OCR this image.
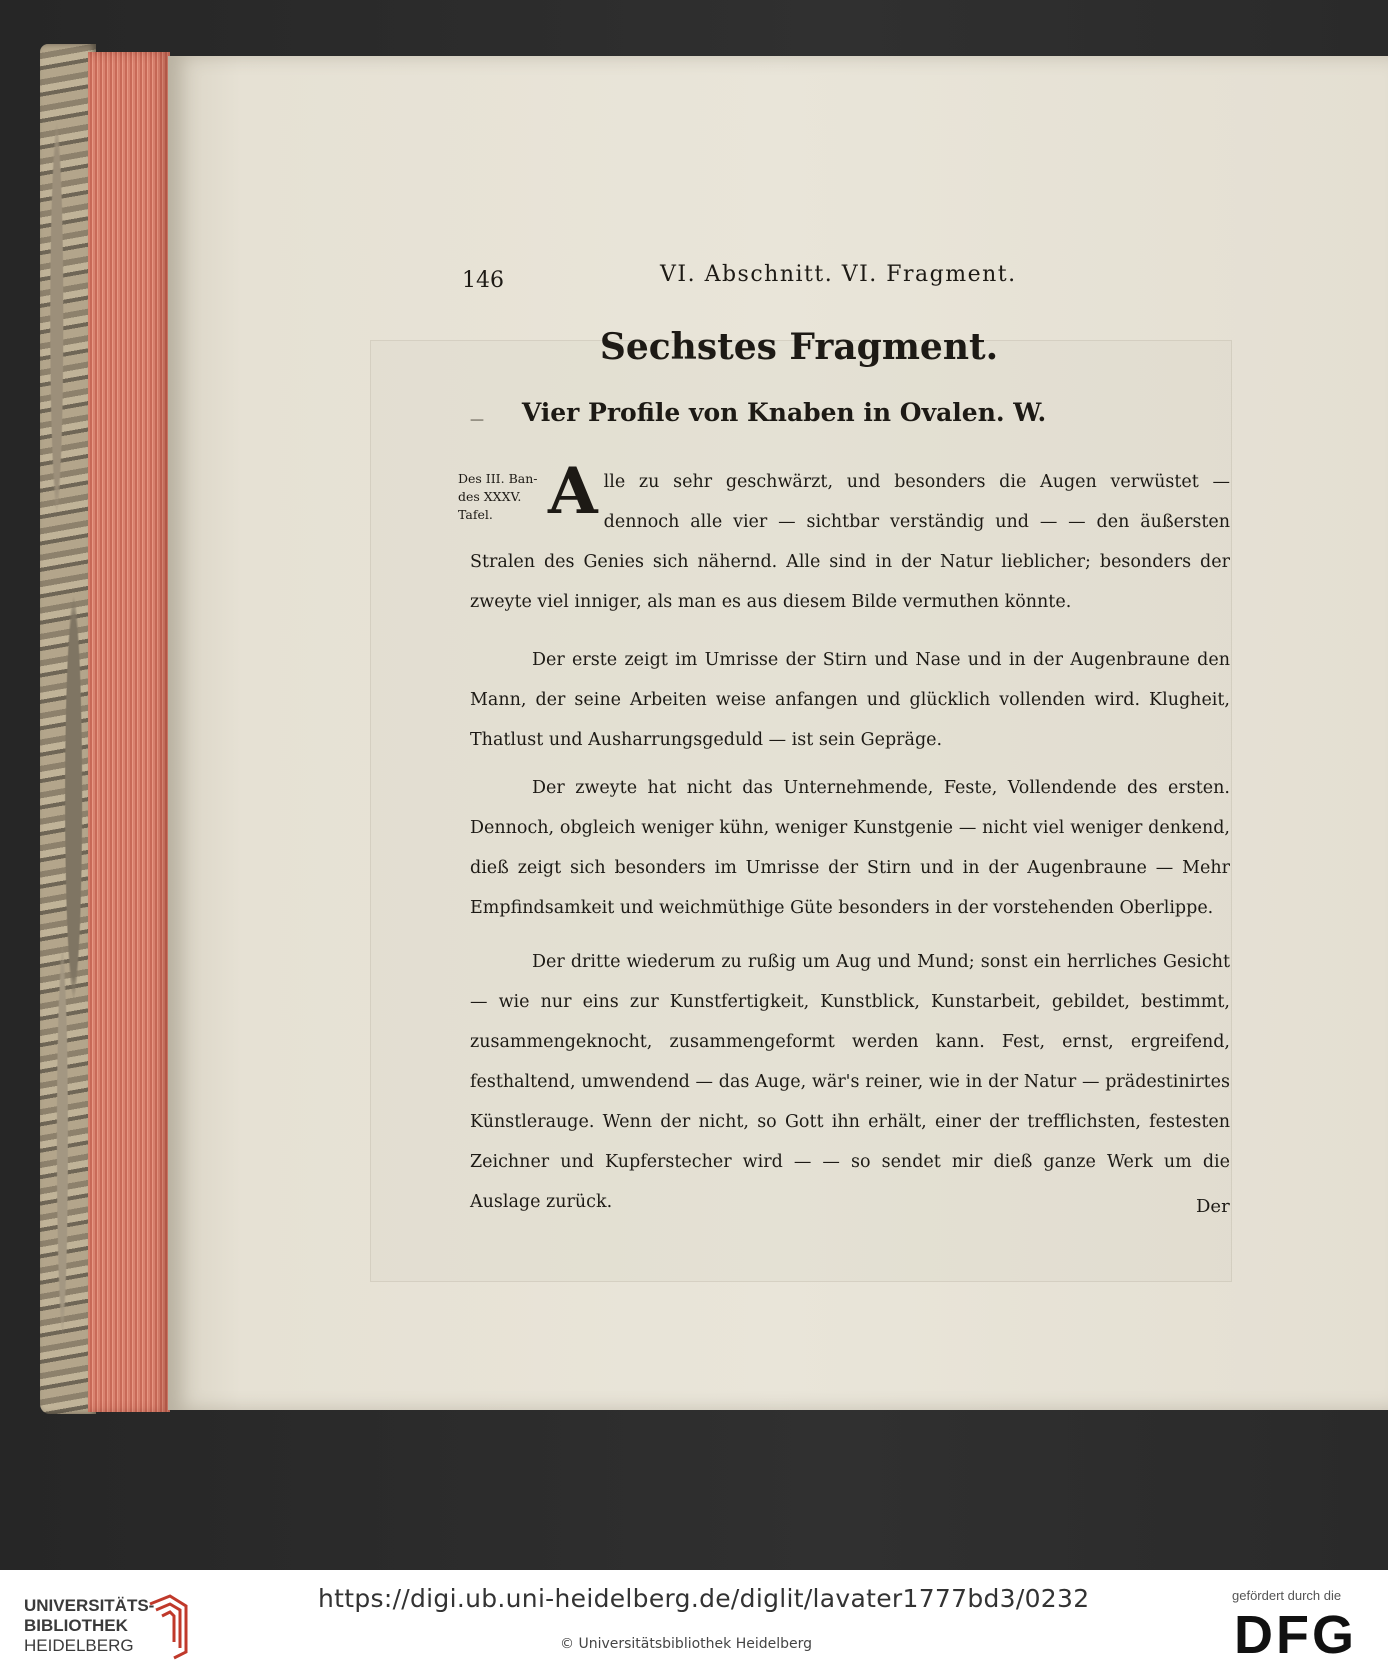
146	VI. Abschnitt. VI. Fragment.
Sechstes Fragment.
—	Vier Profile von Knaben in Ovalen. W.
Des III. Ban-
des XXXV.
Tafel. Alle zu sehr geschwärzt, und besonders die Augen verwüstet — dennoch alle vier — sichtbar verständig und — — den äußersten Stralen des Genies sich nähernd. Alle sind in der Natur lieblicher; besonders der zweyte viel inniger, als man es aus diesem Bilde vermuthen könnte.
Der erste zeigt im Umrisse der Stirn und Nase und in der Augenbraune den Mann, der seine Arbeiten weise anfangen und glücklich vollenden wird. Klugheit, Thatlust und Ausharrungsgeduld — ist sein Gepräge.
Der zweyte hat nicht das Unternehmende, Feste, Vollendende des ersten. Dennoch, obgleich weniger kühn, weniger Kunstgenie — nicht viel weniger denkend, dieß zeigt sich besonders im Umrisse der Stirn und in der Augenbraune — Mehr Empfindsamkeit und weichmüthige Güte besonders in der vorstehenden Oberlippe.
Der dritte wiederum zu rußig um Aug und Mund; sonst ein herrliches Gesicht — wie nur eins zur Kunstfertigkeit, Kunstblick, Kunstarbeit, gebildet, bestimmt, zusammengeknocht, zusammengeformt werden kann. Fest, ernst, ergreifend, festhaltend, umwendend — das Auge, wär's reiner, wie in der Natur — prädestinirtes Künstlerauge. Wenn der nicht, so Gott ihn erhält, einer der trefflichsten, festesten Zeichner und Kupferstecher wird — — so sendet mir dieß ganze Werk um die Auslage zurück.	Der
UNIVERSITÄTS-
BIBLIOTHEK
HEIDELBERG
https://digi.ub.uni-heidelberg.de/diglit/lavater1777bd3/0232
© Universitätsbibliothek Heidelberg
gefördert durch die
DFG
